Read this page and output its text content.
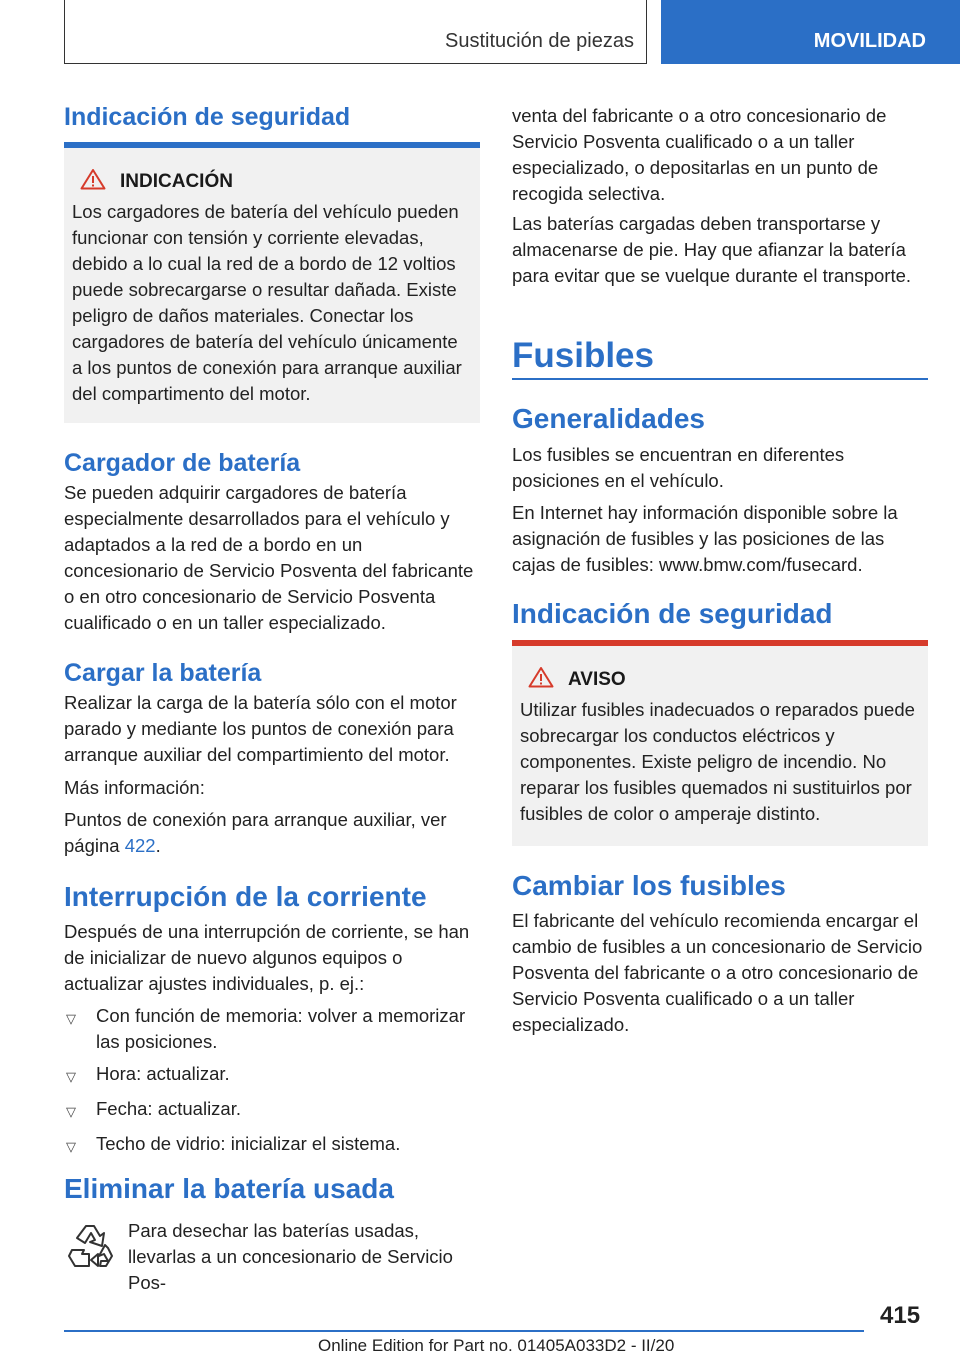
Sustitución de piezas	MOVILIDAD
Indicación de seguridad
INDICACIÓN

Los cargadores de batería del vehículo pueden funcionar con tensión y corriente elevadas, debido a lo cual la red de a bordo de 12 voltios puede sobrecargarse o resultar dañada. Existe peligro de daños materiales. Conectar los cargadores de batería del vehículo únicamente a los puntos de conexión para arranque auxiliar del compartimento del motor.

Cargador de batería

Se pueden adquirir cargadores de batería especialmente desarrollados para el vehículo y adaptados a la red de a bordo en un concesionario de Servicio Posventa del fabricante o en otro concesionario de Servicio Posventa cualificado o en un taller especializado.

Cargar la batería

Realizar la carga de la batería sólo con el motor parado y mediante los puntos de conexión para arranque auxiliar del compartimiento del motor.

Más información:

Puntos de conexión para arranque auxiliar, ver página 422.

Interrupción de la corriente

Después de una interrupción de corriente, se han de inicializar de nuevo algunos equipos o actualizar ajustes individuales, p. ej.:

▽	Con función de memoria: volver a memorizar las posiciones.
▽	Hora: actualizar.
▽	Fecha: actualizar.
▽	Techo de vidrio: inicializar el sistema.
Eliminar la batería usada

Para desechar las baterías usadas, llevarlas a un concesionario de Servicio Pos-

venta del fabricante o a otro concesionario de Servicio Posventa cualificado o a un taller especializado, o depositarlas en un punto de recogida selectiva.

Las baterías cargadas deben transportarse y almacenarse de pie. Hay que afianzar la batería para evitar que se vuelque durante el transporte.

Fusibles
Generalidades

Los fusibles se encuentran en diferentes posiciones en el vehículo.

En Internet hay información disponible sobre la asignación de fusibles y las posiciones de las cajas de fusibles: www.bmw.com/fusecard.

Indicación de seguridad
AVISO

Utilizar fusibles inadecuados o reparados puede sobrecargar los conductos eléctricos y componentes. Existe peligro de incendio. No reparar los fusibles quemados ni sustituirlos por fusibles de color o amperaje distinto.

Cambiar los fusibles

El fabricante del vehículo recomienda encargar el cambio de fusibles a un concesionario de Servicio Posventa del fabricante o a otro concesionario de Servicio Posventa cualificado o a un taller especializado.

415
Online Edition for Part no. 01405A033D2 - II/20
